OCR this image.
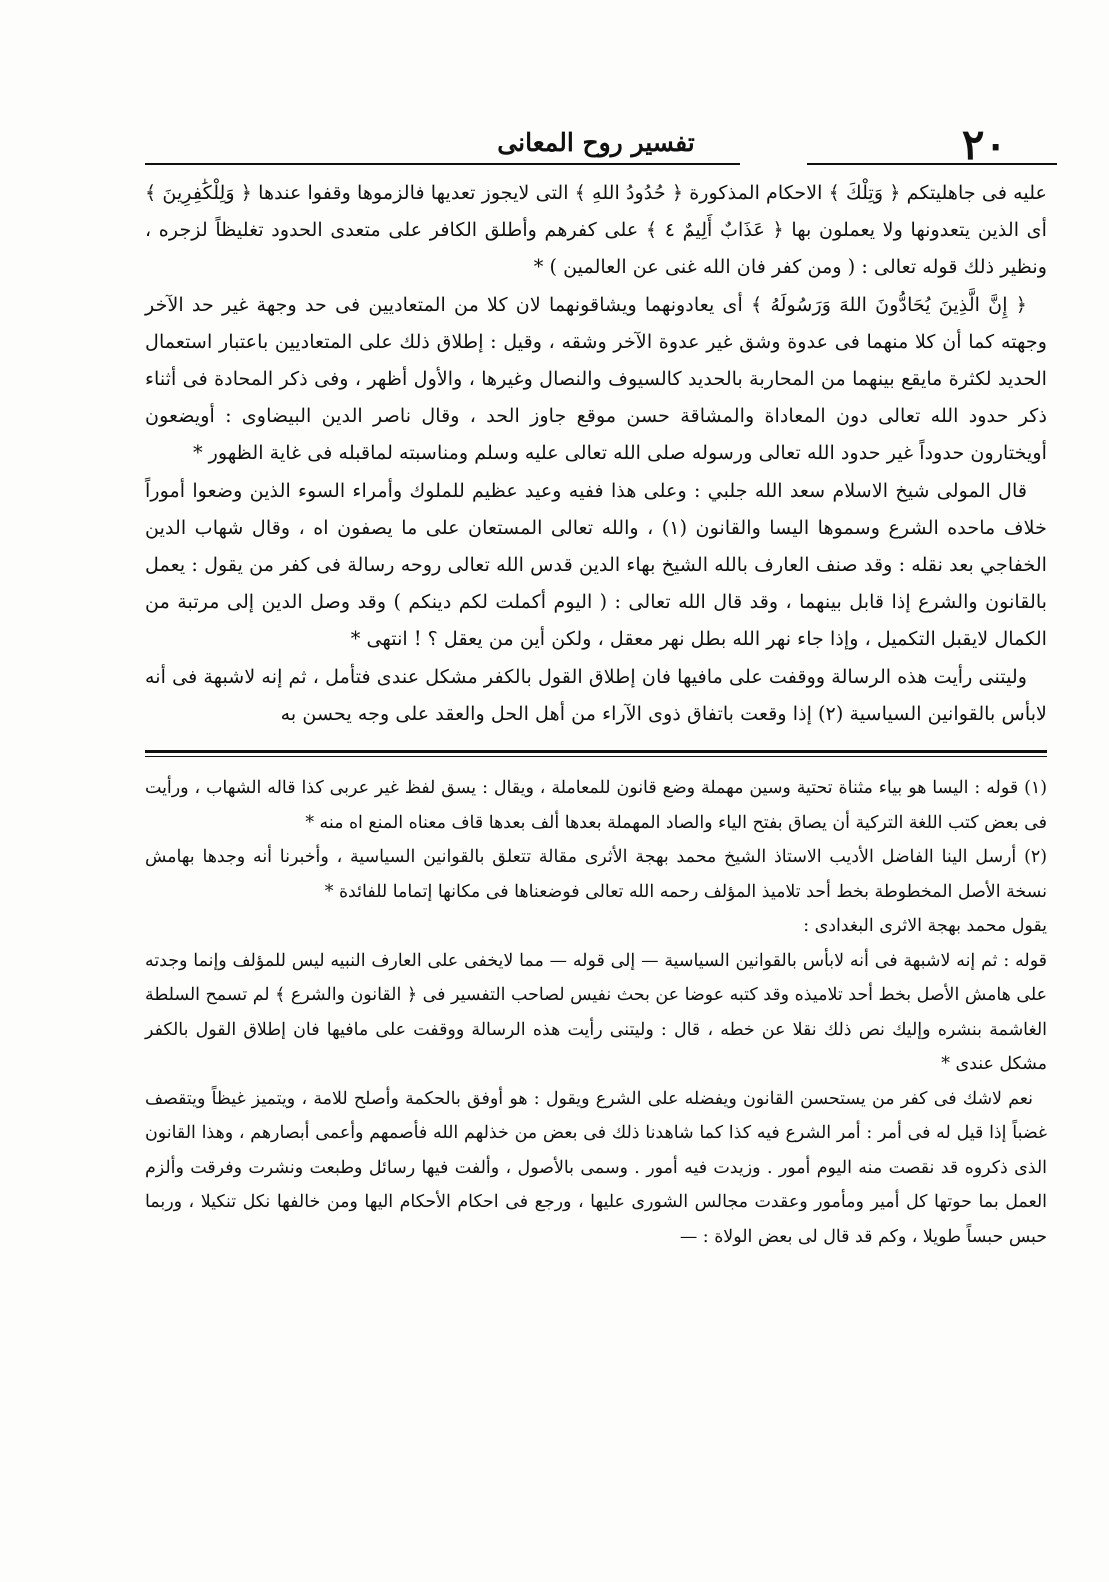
٢٠
تفسير روح المعانى

عليه فى جاهليتكم ﴿ وَتِلْكَ ﴾ الاحكام المذكورة ﴿ حُدُودُ اللهِ ﴾ التى لايجوز تعديها فالزموها وقفوا عندها ﴿ وَلِلْكَٰفِرِينَ ﴾ أى الذين يتعدونها ولا يعملون بها ﴿ عَذَابٌ أَلِيمٌ ٤ ﴾ على كفرهم وأطلق الكافر على متعدى الحدود تغليظاً لزجره ، ونظير ذلك قوله تعالى : ( ومن كفر فان الله غنى عن العالمين ) *

﴿ إِنَّ الَّذِينَ يُحَادُّونَ اللهَ وَرَسُولَهُ ﴾ أى يعادونهما ويشاقونهما لان كلا من المتعاديين فى حد وجهة غير حد الآخر وجهته كما أن كلا منهما فى عدوة وشق غير عدوة الآخر وشقه ، وقيل : إطلاق ذلك على المتعاديين باعتبار استعمال الحديد لكثرة مايقع بينهما من المحاربة بالحديد كالسيوف والنصال وغيرها ، والأول أظهر ، وفى ذكر المحادة فى أثناء ذكر حدود الله تعالى دون المعاداة والمشاقة حسن موقع جاوز الحد ، وقال ناصر الدين البيضاوى : أويضعون أويختارون حدوداً غير حدود الله تعالى ورسوله صلى الله تعالى عليه وسلم ومناسبته لماقبله فى غاية الظهور *

قال المولى شيخ الاسلام سعد الله جلبي : وعلى هذا ففيه وعيد عظيم للملوك وأمراء السوء الذين وضعوا أموراً خلاف ماحده الشرع وسموها اليسا والقانون (١) ، والله تعالى المستعان على ما يصفون اه ، وقال شهاب الدين الخفاجي بعد نقله : وقد صنف العارف بالله الشيخ بهاء الدين قدس الله تعالى روحه رسالة فى كفر من يقول : يعمل بالقانون والشرع إذا قابل بينهما ، وقد قال الله تعالى : ( اليوم أكملت لكم دينكم ) وقد وصل الدين إلى مرتبة من الكمال لايقبل التكميل ، وإذا جاء نهر الله بطل نهر معقل ، ولكن أين من يعقل ؟ ! انتهى *

وليتنى رأيت هذه الرسالة ووقفت على مافيها فان إطلاق القول بالكفر مشكل عندى فتأمل ، ثم إنه لاشبهة فى أنه لابأس بالقوانين السياسية (٢) إذا وقعت باتفاق ذوى الآراء من أهل الحل والعقد على وجه يحسن به

(١) قوله : اليسا هو بياء مثناة تحتية وسين مهملة وضع قانون للمعاملة ، ويقال : يسق لفظ غير عربى كذا قاله الشهاب ، ورأيت فى بعض كتب اللغة التركية أن يصاق بفتح الياء والصاد المهملة بعدها ألف بعدها قاف معناه المنع اه منه *

(٢) أرسل الينا الفاضل الأديب الاستاذ الشيخ محمد بهجة الأثرى مقالة تتعلق بالقوانين السياسية ، وأخبرنا أنه وجدها بهامش نسخة الأصل المخطوطة بخط أحد تلاميذ المؤلف رحمه الله تعالى فوضعناها فى مكانها إتماما للفائدة *

يقول محمد بهجة الاثرى البغدادى :

قوله : ثم إنه لاشبهة فى أنه لابأس بالقوانين السياسية — إلى قوله — مما لايخفى على العارف النبيه ليس للمؤلف وإنما وجدته على هامش الأصل بخط أحد تلاميذه وقد كتبه عوضا عن بحث نفيس لصاحب التفسير فى ﴿ القانون والشرع ﴾ لم تسمح السلطة الغاشمة بنشره وإليك نص ذلك نقلا عن خطه ، قال : وليتنى رأيت هذه الرسالة ووقفت على مافيها فان إطلاق القول بالكفر مشكل عندى *

نعم لاشك فى كفر من يستحسن القانون ويفضله على الشرع ويقول : هو أوفق بالحكمة وأصلح للامة ، ويتميز غيظاً ويتقصف غضباً إذا قيل له فى أمر : أمر الشرع فيه كذا كما شاهدنا ذلك فى بعض من خذلهم الله فأصمهم وأعمى أبصارهم ، وهذا القانون الذى ذكروه قد نقصت منه اليوم أمور . وزيدت فيه أمور . وسمى بالأصول ، وألفت فيها رسائل وطبعت ونشرت وفرقت وألزم العمل بما حوتها كل أمير ومأمور وعقدت مجالس الشورى عليها ، ورجع فى احكام الأحكام اليها ومن خالفها نكل تنكيلا ، وربما حبس حبساً طويلا ، وكم قد قال لى بعض الولاة : —
